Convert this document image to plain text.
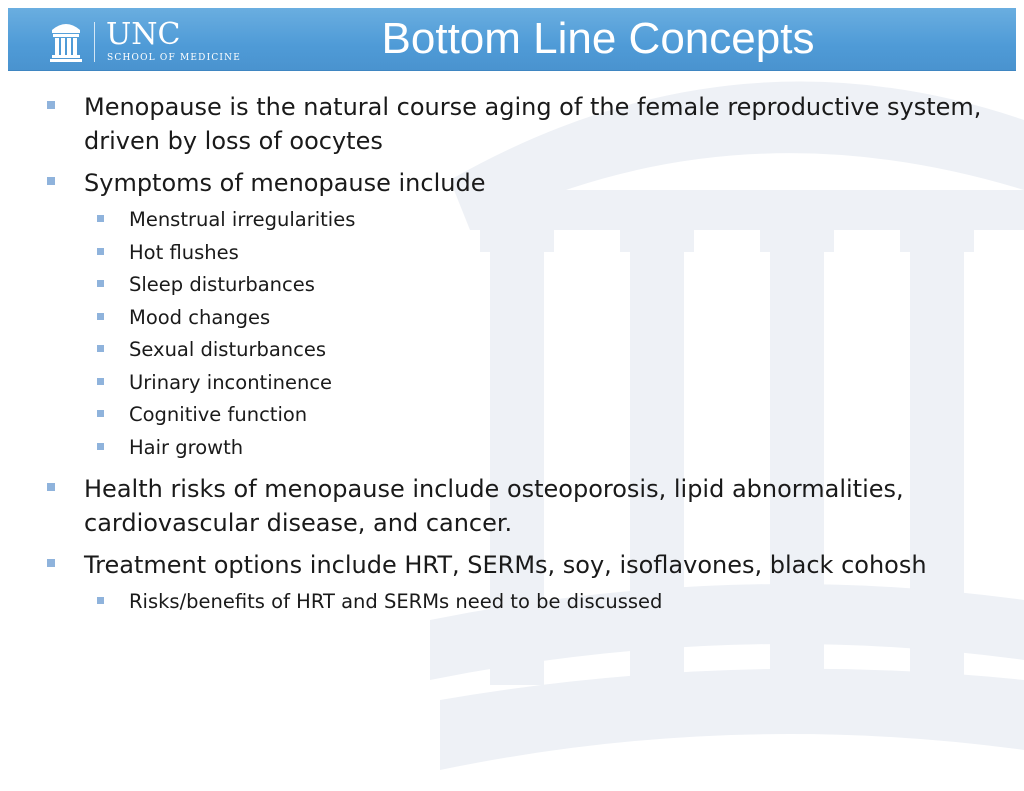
UNC
SCHOOL OF MEDICINE	Bottom Line Concepts
Menopause is the natural course aging of the female reproductive system, driven by loss of oocytes
Symptoms of menopause include
Menstrual irregularities
Hot flushes
Sleep disturbances
Mood changes
Sexual disturbances
Urinary incontinence
Cognitive function
Hair growth
Health risks of menopause include osteoporosis, lipid abnormalities, cardiovascular disease, and cancer.
Treatment options include HRT, SERMs, soy, isoflavones, black cohosh
Risks/benefits of HRT and SERMs need to be discussed
